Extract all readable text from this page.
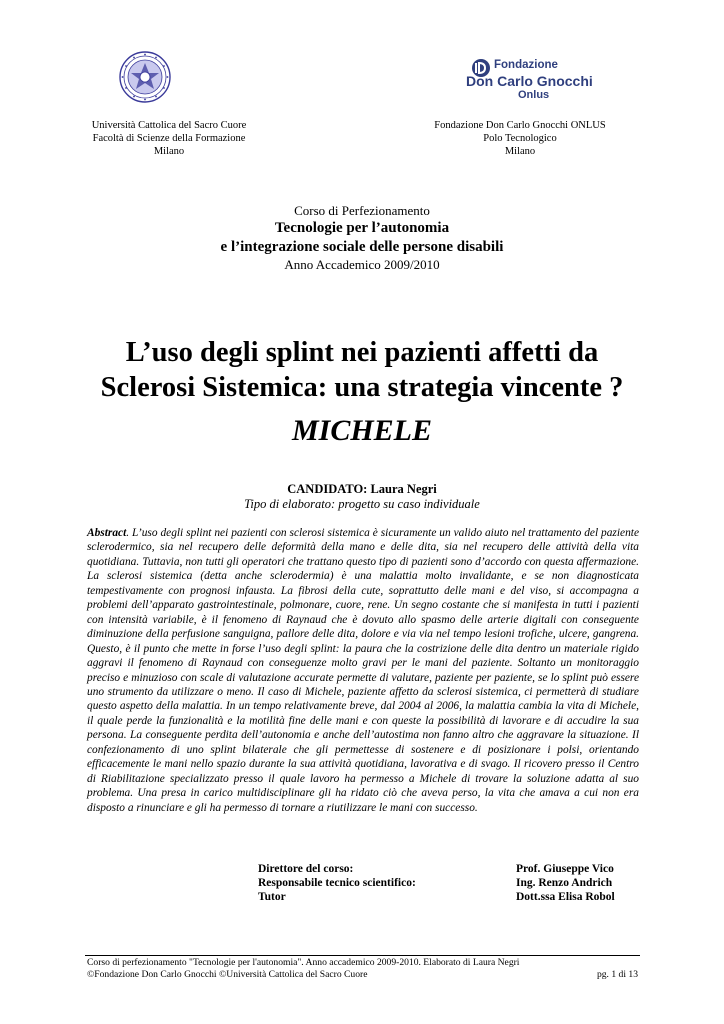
Fondazione
Don Carlo Gnocchi
Onlus
Università Cattolica del Sacro Cuore
Facoltà di Scienze della Formazione
Milano
Fondazione Don Carlo Gnocchi ONLUS
Polo Tecnologico
Milano
Corso di Perfezionamento
Tecnologie per l’autonomia
e l’integrazione sociale delle persone disabili
Anno Accademico 2009/2010
L’uso degli splint nei pazienti affetti da
Sclerosi Sistemica: una strategia vincente ?
MICHELE
CANDIDATO: Laura Negri
Tipo di elaborato: progetto su caso individuale
Abstract. L’uso degli splint nei pazienti con sclerosi sistemica è sicuramente un valido aiuto nel trattamento del paziente sclerodermico, sia nel recupero delle deformità della mano e delle dita, sia nel recupero delle attività della vita quotidiana. Tuttavia, non tutti gli operatori che trattano questo tipo di pazienti sono d’accordo con questa affermazione. La sclerosi sistemica (detta anche sclerodermia) è una malattia molto invalidante, e se non diagnosticata tempestivamente con prognosi infausta. La fibrosi della cute, soprattutto delle mani e del viso, si accompagna a problemi dell’apparato gastrointestinale, polmonare, cuore, rene. Un segno costante che si manifesta in tutti i pazienti con intensità variabile, è il fenomeno di Raynaud che è dovuto allo spasmo delle arterie digitali con conseguente diminuzione della perfusione sanguigna, pallore delle dita, dolore e via via nel tempo lesioni trofiche, ulcere, gangrena. Questo, è il punto che mette in forse l’uso degli splint: la paura che la costrizione delle dita dentro un materiale rigido aggravi il fenomeno di Raynaud con conseguenze molto gravi per le mani del paziente. Soltanto un monitoraggio preciso e minuzioso con scale di valutazione accurate permette di valutare, paziente per paziente, se lo splint può essere uno strumento da utilizzare o meno. Il caso di Michele, paziente affetto da sclerosi sistemica, ci permetterà di studiare questo aspetto della malattia. In un tempo relativamente breve, dal 2004 al 2006, la malattia cambia la vita di Michele, il quale perde la funzionalità e la motilità fine delle mani e con queste la possibilità di lavorare e di accudire la sua persona. La conseguente perdita dell’autonomia e anche dell’autostima non fanno altro che aggravare la situazione. Il confezionamento di uno splint bilaterale che gli permettesse di sostenere e di posizionare i polsi, orientando efficacemente le mani nello spazio durante la sua attività quotidiana, lavorativa e di svago. Il ricovero presso il Centro di Riabilitazione specializzato presso il quale lavoro ha permesso a Michele di trovare la soluzione adatta al suo problema. Una presa in carico multidisciplinare gli ha ridato ciò che aveva perso, la vita che amava a cui non era disposto a rinunciare e gli ha permesso di tornare a riutilizzare le mani con successo.
Direttore del corso:
Responsabile tecnico scientifico:
Tutor
Prof. Giuseppe Vico
Ing. Renzo Andrich
Dott.ssa Elisa Robol
Corso di perfezionamento "Tecnologie per l'autonomia". Anno accademico 2009-2010. Elaborato di Laura Negri
©Fondazione Don Carlo Gnocchi ©Università Cattolica del Sacro Cuore	pg. 1 di 13
